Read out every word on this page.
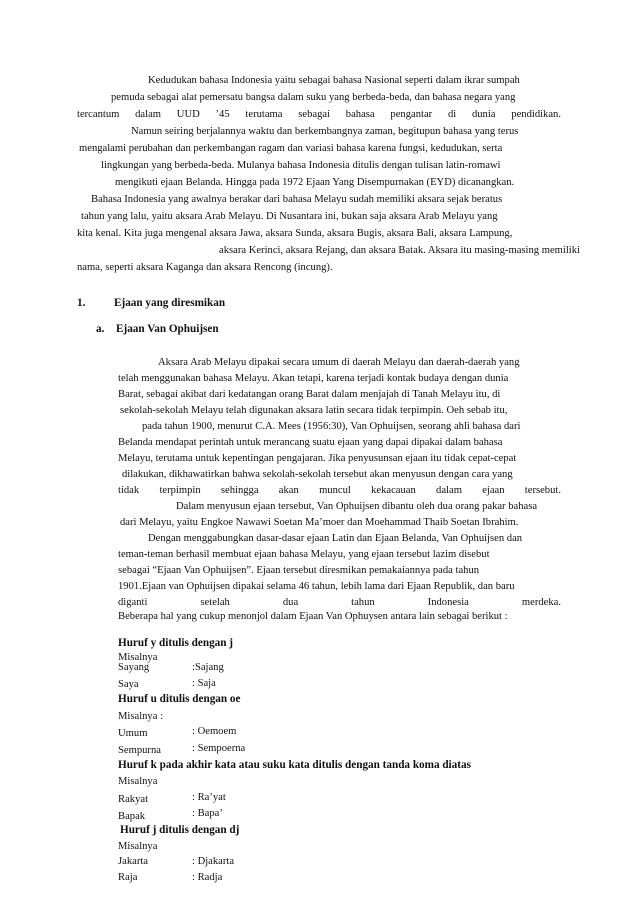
Kedudukan bahasa Indonesia yaitu sebagai bahasa Nasional seperti dalam ikrar sumpah
pemuda sebagai alat pemersatu bangsa dalam suku yang berbeda-beda, dan bahasa negara yang
tercantum dalam UUD ’45 terutama sebagai bahasa pengantar di dunia pendidikan.
Namun seiring berjalannya waktu dan berkembangnya zaman, begitupun bahasa yang terus
mengalami perubahan dan perkembangan ragam dan variasi bahasa karena fungsi, kedudukan, serta
lingkungan yang berbeda-beda. Mulanya bahasa Indonesia ditulis dengan tulisan latin-romawi
mengikuti ejaan Belanda. Hingga pada 1972 Ejaan Yang Disempurnakan (EYD) dicanangkan.
Bahasa Indonesia yang awalnya berakar dari bahasa Melayu sudah memiliki aksara sejak beratus
tahun yang lalu, yaitu aksara Arab Melayu. Di Nusantara ini, bukan saja aksara Arab Melayu yang
kita kenal. Kita juga mengenal aksara Jawa, aksara Sunda, aksara Bugis, aksara Bali, aksara Lampung,
aksara Kerinci, aksara Rejang, dan aksara Batak. Aksara itu masing-masing memiliki
nama, seperti aksara Kaganga dan aksara Rencong (incung).
1.	Ejaan yang diresmikan
a. Ejaan Van Ophuijsen
Aksara Arab Melayu dipakai secara umum di daerah Melayu dan daerah-daerah yang
telah menggunakan bahasa Melayu. Akan tetapi, karena terjadi kontak budaya dengan dunia
Barat, sebagai akibat dari kedatangan orang Barat dalam menjajah di Tanah Melayu itu, di
sekolah-sekolah Melayu telah digunakan aksara latin secara tidak terpimpin. Oeh sebab itu,
pada tahun 1900, menurut C.A. Mees (1956:30), Van Ophuijsen, seorang ahli bahasa dari
Belanda mendapat perintah untuk merancang suatu ejaan yang dapai dipakai dalam bahasa
Melayu, terutama untuk kepentingan pengajaran. Jika penyusunsan ejaan itu tidak cepat-cepat
dilakukan, dikhawatirkan bahwa sekolah-sekolah tersebut akan menyusun dengan cara yang
tidak terpimpin sehingga akan muncul kekacauan dalam ejaan tersebut.
Dalam menyusun ejaan tersebut, Van Ophuijsen dibantu oleh dua orang pakar bahasa
dari Melayu, yaitu Engkoe Nawawi Soetan Ma’moer dan Moehammad Thaib Soetan Ibrahim.
Dengan menggabungkan dasar-dasar ejaan Latin dan Ejaan Belanda, Van Ophuijsen dan
teman-teman berhasil membuat ejaan bahasa Melayu, yang ejaan tersebut lazim disebut
sebagai “Ejaan Van Ophuijsen”. Ejaan tersebut diresmikan pemakaiannya pada tahun
1901.Ejaan van Ophuijsen dipakai selama 46 tahun, lebih lama dari Ejaan Republik, dan baru
diganti setelah dua tahun Indonesia merdeka.
Beberapa hal yang cukup menonjol dalam Ejaan Van Ophuysen antara lain sebagai berikut :
Huruf y ditulis dengan j
Misalnya
Sayang	:Sajang
Saya	: Saja
Huruf u ditulis dengan oe
Misalnya :
Umum	: Oemoem
Sempurna	: Sempoerna
Huruf k pada akhir kata atau suku kata ditulis dengan tanda koma diatas
Misalnya
Rakyat	: Ra’yat
Bapak	: Bapa’
Huruf j ditulis dengan dj
Misalnya
Jakarta	: Djakarta
Raja	: Radja
